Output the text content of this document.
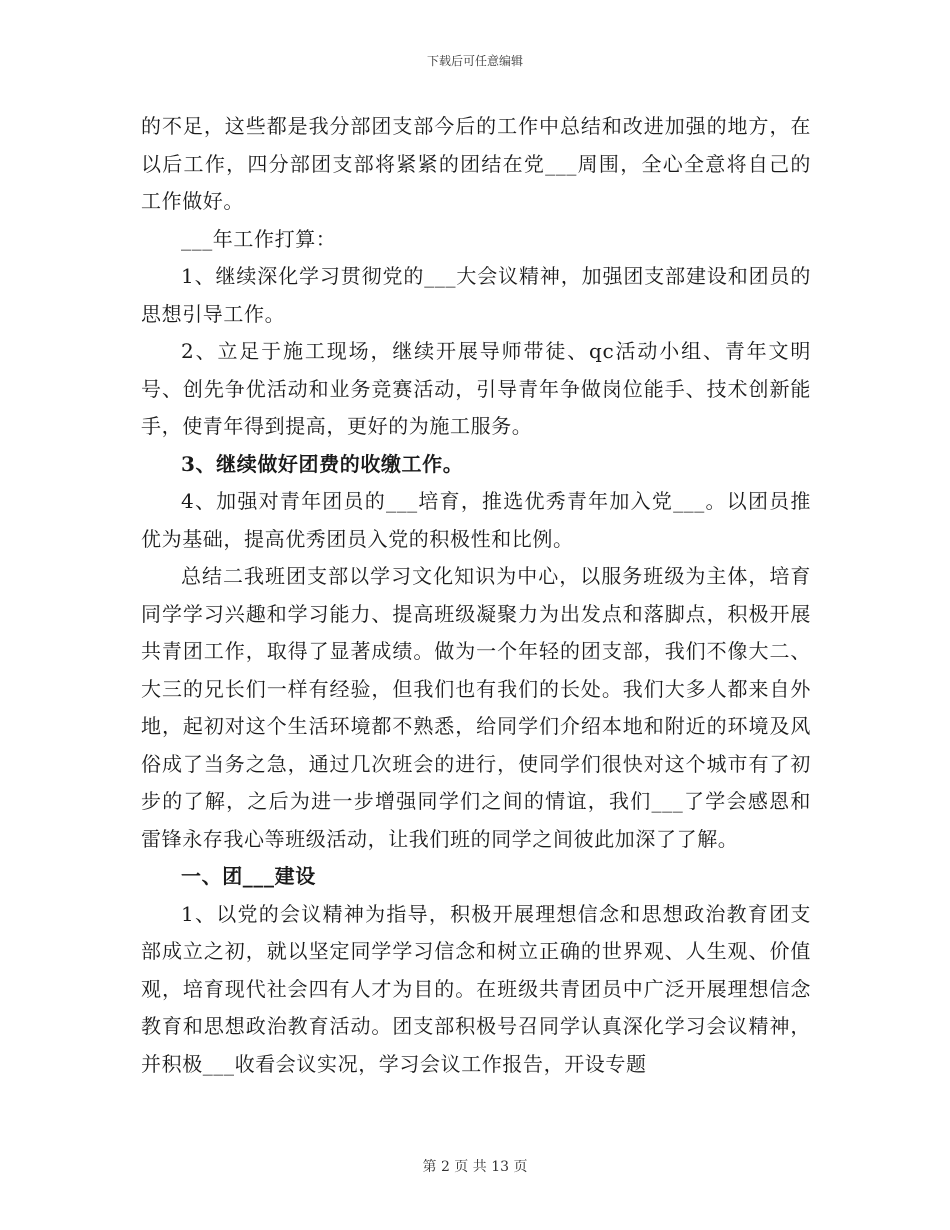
下载后可任意编辑

的不足，这些都是我分部团支部今后的工作中总结和改进加强的地方，在以后工作，四分部团支部将紧紧的团结在党___周围，全心全意将自己的工作做好。

___年工作打算：

1、继续深化学习贯彻党的___大会议精神，加强团支部建设和团员的思想引导工作。

2、立足于施工现场，继续开展导师带徒、qc活动小组、青年文明号、创先争优活动和业务竞赛活动，引导青年争做岗位能手、技术创新能手，使青年得到提高，更好的为施工服务。

3、继续做好团费的收缴工作。

4、加强对青年团员的___培育，推选优秀青年加入党___。以团员推优为基础，提高优秀团员入党的积极性和比例。

总结二我班团支部以学习文化知识为中心，以服务班级为主体，培育同学学习兴趣和学习能力、提高班级凝聚力为出发点和落脚点，积极开展共青团工作，取得了显著成绩。做为一个年轻的团支部，我们不像大二、大三的兄长们一样有经验，但我们也有我们的长处。我们大多人都来自外地，起初对这个生活环境都不熟悉，给同学们介绍本地和附近的环境及风俗成了当务之急，通过几次班会的进行，使同学们很快对这个城市有了初步的了解，之后为进一步增强同学们之间的情谊，我们___了学会感恩和雷锋永存我心等班级活动，让我们班的同学之间彼此加深了了解。

一、团___建设

1、以党的会议精神为指导，积极开展理想信念和思想政治教育团支部成立之初，就以坚定同学学习信念和树立正确的世界观、人生观、价值观，培育现代社会四有人才为目的。在班级共青团员中广泛开展理想信念教育和思想政治教育活动。团支部积极号召同学认真深化学习会议精神，并积极___收看会议实况，学习会议工作报告，开设专题

第 2 页 共 13 页
